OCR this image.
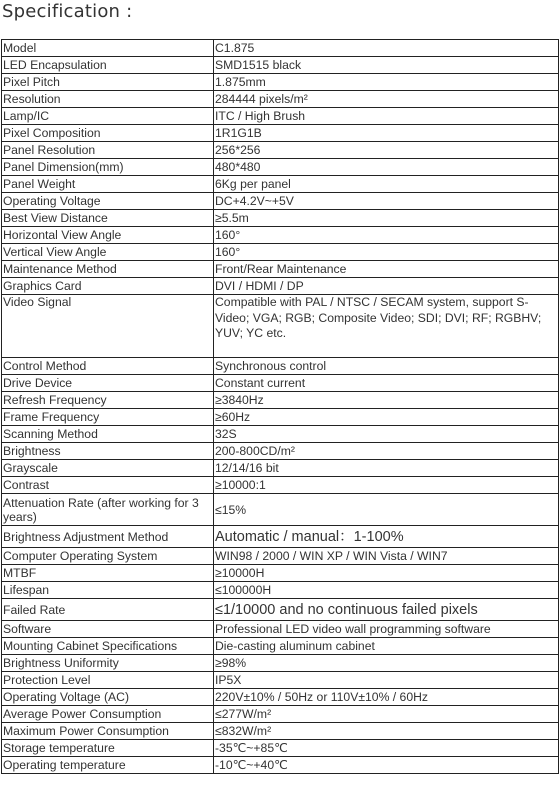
Specification :
Model	C1.875
LED Encapsulation	SMD1515 black
Pixel Pitch	1.875mm
Resolution	284444 pixels/m²
Lamp/IC	ITC / High Brush
Pixel Composition	1R1G1B
Panel Resolution	256*256
Panel Dimension(mm)	480*480
Panel Weight	6Kg per panel
Operating Voltage	DC+4.2V~+5V
Best View Distance	≥5.5m
Horizontal View Angle	160°
Vertical View Angle	160°
Maintenance Method	Front/Rear Maintenance
Graphics Card	DVI / HDMI / DP
Video Signal	Compatible with PAL / NTSC / SECAM system, support S-Video; VGA; RGB; Composite Video; SDI; DVI; RF; RGBHV; YUV; YC etc.
Control Method	Synchronous control
Drive Device	Constant current
Refresh Frequency	≥3840Hz
Frame Frequency	≥60Hz
Scanning Method	32S
Brightness	200-800CD/m²
Grayscale	12/14/16 bit
Contrast	≥10000:1
Attenuation Rate (after working for 3 years)	≤15%
Brightness Adjustment Method	Automatic / manual：1-100%
Computer Operating System	WIN98 / 2000 / WIN XP / WIN Vista / WIN7
MTBF	≥10000H
Lifespan	≤100000H
Failed Rate	≤1/10000 and no continuous failed pixels
Software	Professional LED video wall programming software
Mounting Cabinet Specifications	Die-casting aluminum cabinet
Brightness Uniformity	≥98%
Protection Level	IP5X
Operating Voltage (AC)	220V±10% / 50Hz or 110V±10% / 60Hz
Average Power Consumption	≤277W/m²
Maximum Power Consumption	≤832W/m²
Storage temperature	-35℃~+85℃
Operating temperature	-10℃~+40℃
